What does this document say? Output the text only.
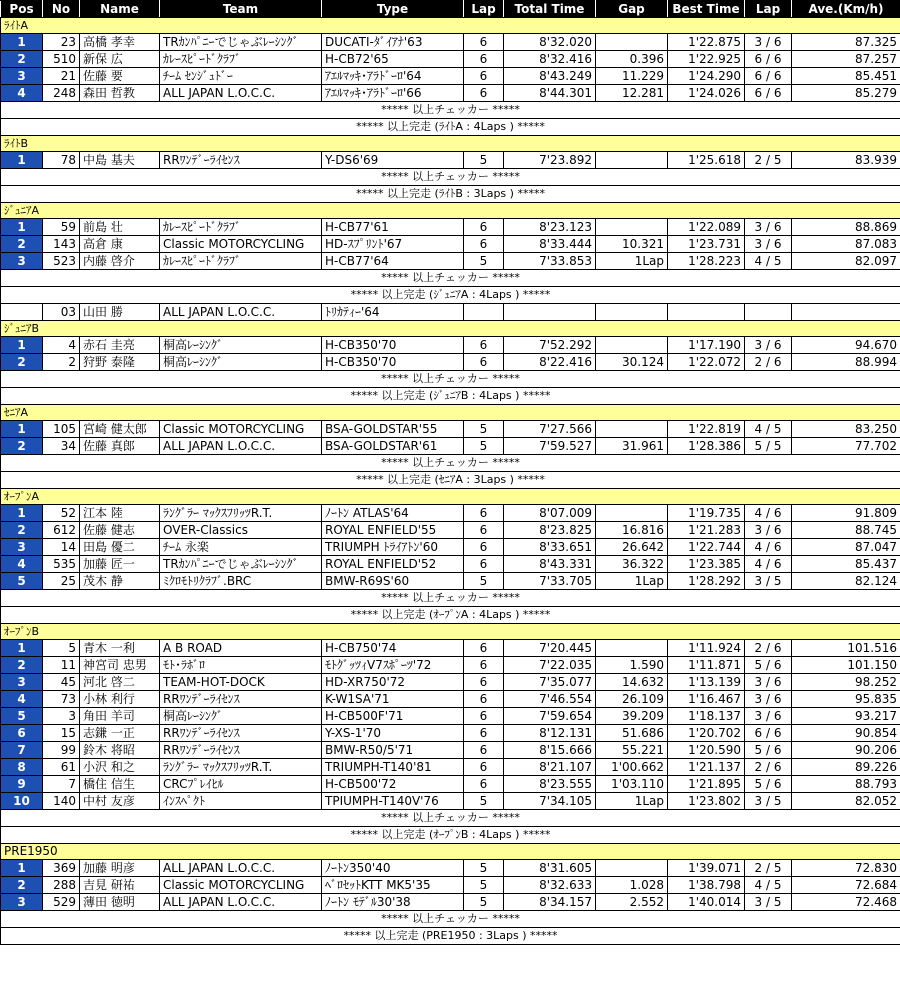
Pos	No	Name	Team	Type	Lap	Total Time	Gap	Best Time	Lap	Ave.(Km/h)
ﾗｲﾄA										
1	23	高橋 孝幸	TRｶﾝﾊﾟﾆｰでじゃぶﾚｰｼﾝｸﾞ	DUCATI-ﾀﾞｲｱﾅ'63	6	8'32.020		1'22.875	3 / 6	87.325
2	510	新保 広	ｶﾚｰｽﾋﾟｰﾄﾞｸﾗﾌﾞ	H-CB72'65	6	8'32.416	0.396	1'22.925	6 / 6	87.257
3	21	佐藤 要	ﾁｰﾑ ｾﾝｼﾞｭﾄﾞｰ	ｱｴﾙﾏｯｷ･ｱﾗﾄﾞｰﾛ'64	6	8'43.249	11.229	1'24.290	6 / 6	85.451
4	248	森田 哲教	ALL JAPAN L.O.C.C.	ｱｴﾙﾏｯｷ･ｱﾗﾄﾞｰﾛ'66	6	8'44.301	12.281	1'24.026	6 / 6	85.279
***** 以上チェッカー *****										
***** 以上完走 (ﾗｲﾄA : 4Laps ) *****										
ﾗｲﾄB										
1	78	中島 基夫	RRﾜﾝﾃﾞｰﾗｲｾﾝｽ	Y-DS6'69	5	7'23.892		1'25.618	2 / 5	83.939
***** 以上チェッカー *****										
***** 以上完走 (ﾗｲﾄB : 3Laps ) *****										
ｼﾞｭﾆｱA										
1	59	前島 壮	ｶﾚｰｽﾋﾟｰﾄﾞｸﾗﾌﾞ	H-CB77'61	6	8'23.123		1'22.089	3 / 6	88.869
2	143	高倉 康	Classic MOTORCYCLING	HD-ｽﾌﾟﾘﾝﾄ'67	6	8'33.444	10.321	1'23.731	3 / 6	87.083
3	523	内藤 啓介	ｶﾚｰｽﾋﾟｰﾄﾞｸﾗﾌﾞ	H-CB77'64	5	7'33.853	1Lap	1'28.223	4 / 5	82.097
***** 以上チェッカー *****										
***** 以上完走 (ｼﾞｭﾆｱA : 4Laps ) *****										
	03	山田 勝	ALL JAPAN L.O.C.C.	ﾄﾘｶﾃｨｰ'64						
ｼﾞｭﾆｱB										
1	4	赤石 圭亮	桐高ﾚｰｼﾝｸﾞ	H-CB350'70	6	7'52.292		1'17.190	3 / 6	94.670
2	2	狩野 泰隆	桐高ﾚｰｼﾝｸﾞ	H-CB350'70	6	8'22.416	30.124	1'22.072	2 / 6	88.994
***** 以上チェッカー *****										
***** 以上完走 (ｼﾞｭﾆｱB : 4Laps ) *****										
ｾﾆｱA										
1	105	宮崎 健太郎	Classic MOTORCYCLING	BSA-GOLDSTAR'55	5	7'27.566		1'22.819	4 / 5	83.250
2	34	佐藤 真郎	ALL JAPAN L.O.C.C.	BSA-GOLDSTAR'61	5	7'59.527	31.961	1'28.386	5 / 5	77.702
***** 以上チェッカー *****										
***** 以上完走 (ｾﾆｱA : 3Laps ) *****										
ｵｰﾌﾟﾝA										
1	52	江本 陸	ﾗﾝｸﾞﾗｰ ﾏｯｸｽﾌﾘｯﾂR.T.	ﾉｰﾄﾝ ATLAS'64	6	8'07.009		1'19.735	4 / 6	91.809
2	612	佐藤 健志	OVER-Classics	ROYAL ENFIELD'55	6	8'23.825	16.816	1'21.283	3 / 6	88.745
3	14	田島 優二	ﾁｰﾑ 永楽	TRIUMPH ﾄﾗｲｱﾄﾝ'60	6	8'33.651	26.642	1'22.744	4 / 6	87.047
4	535	加藤 匠一	TRｶﾝﾊﾟﾆｰでじゃぶﾚｰｼﾝｸﾞ	ROYAL ENFIELD'52	6	8'43.331	36.322	1'23.385	4 / 6	85.437
5	25	茂木 静	ﾐｸﾛﾓﾄﾘｸﾗﾌﾞ.BRC	BMW-R69S'60	5	7'33.705	1Lap	1'28.292	3 / 5	82.124
***** 以上チェッカー *****										
***** 以上完走 (ｵｰﾌﾟﾝA : 4Laps ) *****										
ｵｰﾌﾟﾝB										
1	5	青木 一利	A B ROAD	H-CB750'74	6	7'20.445		1'11.924	2 / 6	101.516
2	11	神宮司 忠男	ﾓﾄ･ﾗﾎﾞﾛ	ﾓﾄｸﾞｯﾂｨV7ｽﾎﾟｰﾂ'72	6	7'22.035	1.590	1'11.871	5 / 6	101.150
3	45	河北 啓二	TEAM-HOT-DOCK	HD-XR750'72	6	7'35.077	14.632	1'13.139	3 / 6	98.252
4	73	小林 利行	RRﾜﾝﾃﾞｰﾗｲｾﾝｽ	K-W1SA'71	6	7'46.554	26.109	1'16.467	3 / 6	95.835
5	3	角田 羊司	桐高ﾚｰｼﾝｸﾞ	H-CB500F'71	6	7'59.654	39.209	1'18.137	3 / 6	93.217
6	15	志鎌 一正	RRﾜﾝﾃﾞｰﾗｲｾﾝｽ	Y-XS-1'70	6	8'12.131	51.686	1'20.702	6 / 6	90.854
7	99	鈴木 将昭	RRﾜﾝﾃﾞｰﾗｲｾﾝｽ	BMW-R50/5'71	6	8'15.666	55.221	1'20.590	5 / 6	90.206
8	61	小沢 和之	ﾗﾝｸﾞﾗｰ ﾏｯｸｽﾌﾘｯﾂR.T.	TRIUMPH-T140'81	6	8'21.107	1'00.662	1'21.137	2 / 6	89.226
9	7	橋住 信生	CRCﾌﾟﾚｲﾋﾙ	H-CB500'72	6	8'23.555	1'03.110	1'21.895	5 / 6	88.793
10	140	中村 友彦	ｲﾝｽﾍﾟｸﾄ	TPIUMPH-T140V'76	5	7'34.105	1Lap	1'23.802	3 / 5	82.052
***** 以上チェッカー *****										
***** 以上完走 (ｵｰﾌﾟﾝB : 4Laps ) *****										
PRE1950										
1	369	加藤 明彦	ALL JAPAN L.O.C.C.	ﾉｰﾄﾝ350'40	5	8'31.605		1'39.071	2 / 5	72.830
2	288	吉見 研祐	Classic MOTORCYCLING	ﾍﾞﾛｾｯﾄKTT MK5'35	5	8'32.633	1.028	1'38.798	4 / 5	72.684
3	529	薄田 徳明	ALL JAPAN L.O.C.C.	ﾉｰﾄﾝ ﾓﾃﾞﾙ30'38	5	8'34.157	2.552	1'40.014	3 / 5	72.468
***** 以上チェッカー *****										
***** 以上完走 (PRE1950 : 3Laps ) *****										
